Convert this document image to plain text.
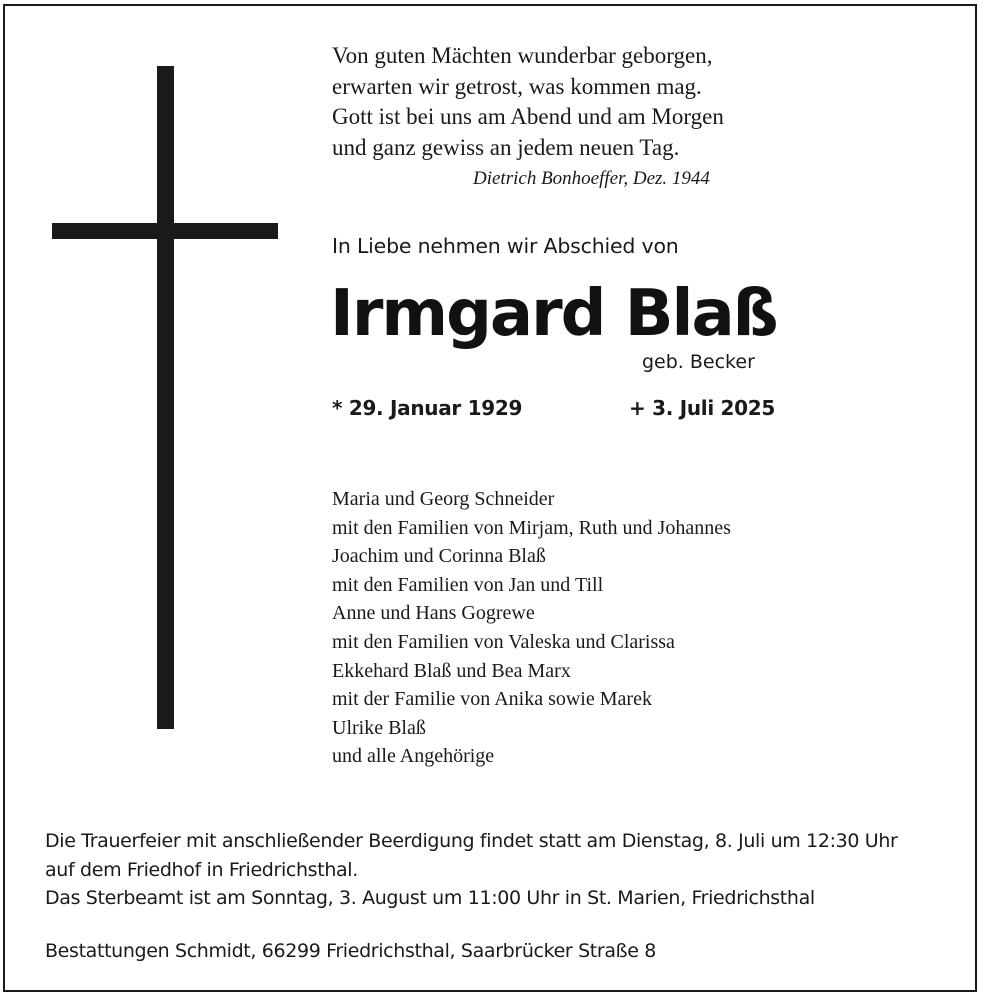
Von guten Mächten wunderbar geborgen,
erwarten wir getrost, was kommen mag.
Gott ist bei uns am Abend und am Morgen
und ganz gewiss an jedem neuen Tag.
Dietrich Bonhoeffer, Dez. 1944
In Liebe nehmen wir Abschied von
Irmgard Blaß
geb. Becker
* 29. Januar 1929	+ 3. Juli 2025
Maria und Georg Schneider
mit den Familien von Mirjam, Ruth und Johannes
Joachim und Corinna Blaß
mit den Familien von Jan und Till
Anne und Hans Gogrewe
mit den Familien von Valeska und Clarissa
Ekkehard Blaß und Bea Marx
mit der Familie von Anika sowie Marek
Ulrike Blaß
und alle Angehörige
Die Trauerfeier mit anschließender Beerdigung findet statt am Dienstag, 8. Juli um 12:30 Uhr
auf dem Friedhof in Friedrichsthal.
Das Sterbeamt ist am Sonntag, 3. August um 11:00 Uhr in St. Marien, Friedrichsthal
Bestattungen Schmidt, 66299 Friedrichsthal, Saarbrücker Straße 8
